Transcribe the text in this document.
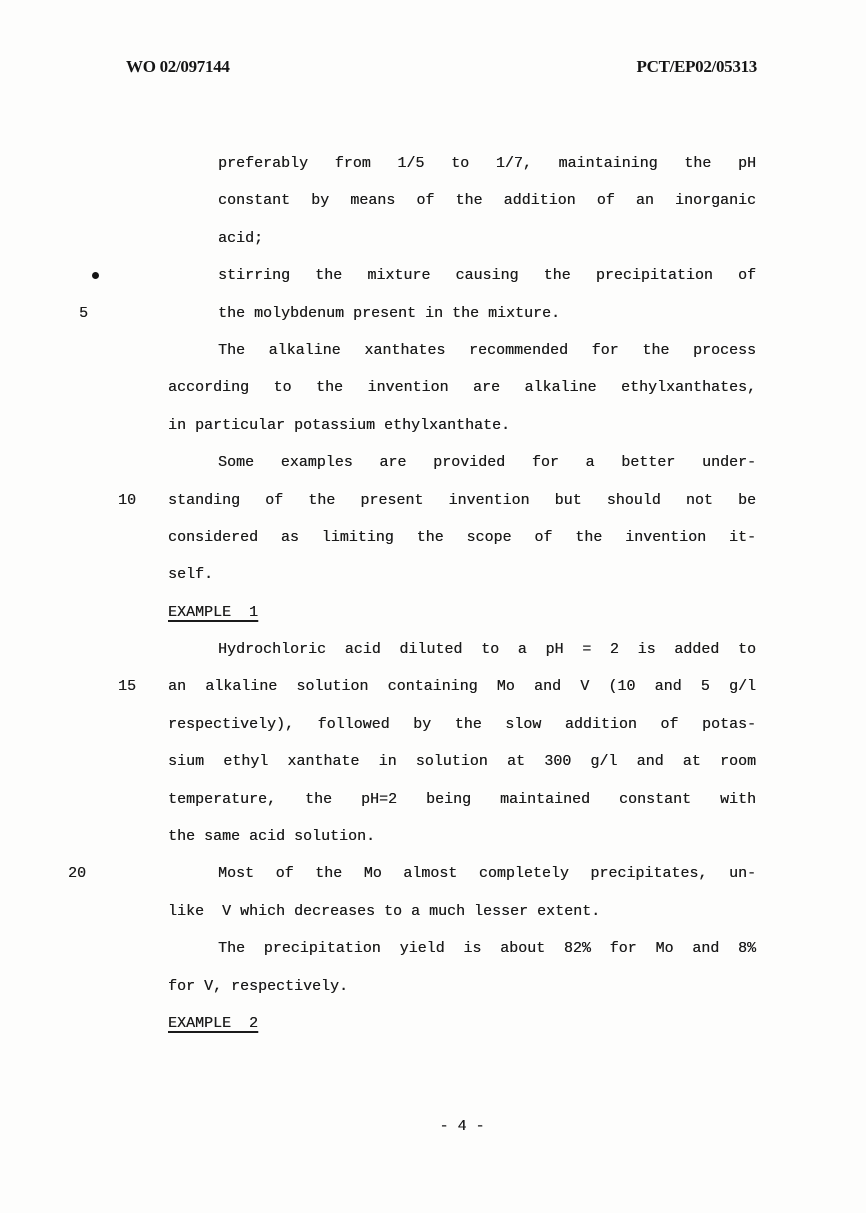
WO 02/097144	PCT/EP02/05313
preferably from 1/5 to 1/7, maintaining the pH
constant by means of the addition of an inorganic
acid;
stirring the mixture causing the precipitation of
5	the molybdenum present in the mixture.
The alkaline xanthates recommended for the process
according to the invention are alkaline ethylxanthates,
in particular potassium ethylxanthate.
Some examples are provided for a better under-
10 standing of the present invention but should not be
considered as limiting the scope of the invention it-
self.
EXAMPLE  1
Hydrochloric acid diluted to a pH = 2 is added to
15 an alkaline solution containing Mo and V (10 and 5 g/l
respectively), followed by the slow addition of potas-
sium ethyl xanthate in solution at 300 g/l and at room
temperature, the pH=2 being maintained constant with
the same acid solution.
20	Most of the Mo almost completely precipitates, un-
like  V which decreases to a much lesser extent.
The precipitation yield is about 82% for Mo and 8%
for V, respectively.
EXAMPLE  2
- 4 -
